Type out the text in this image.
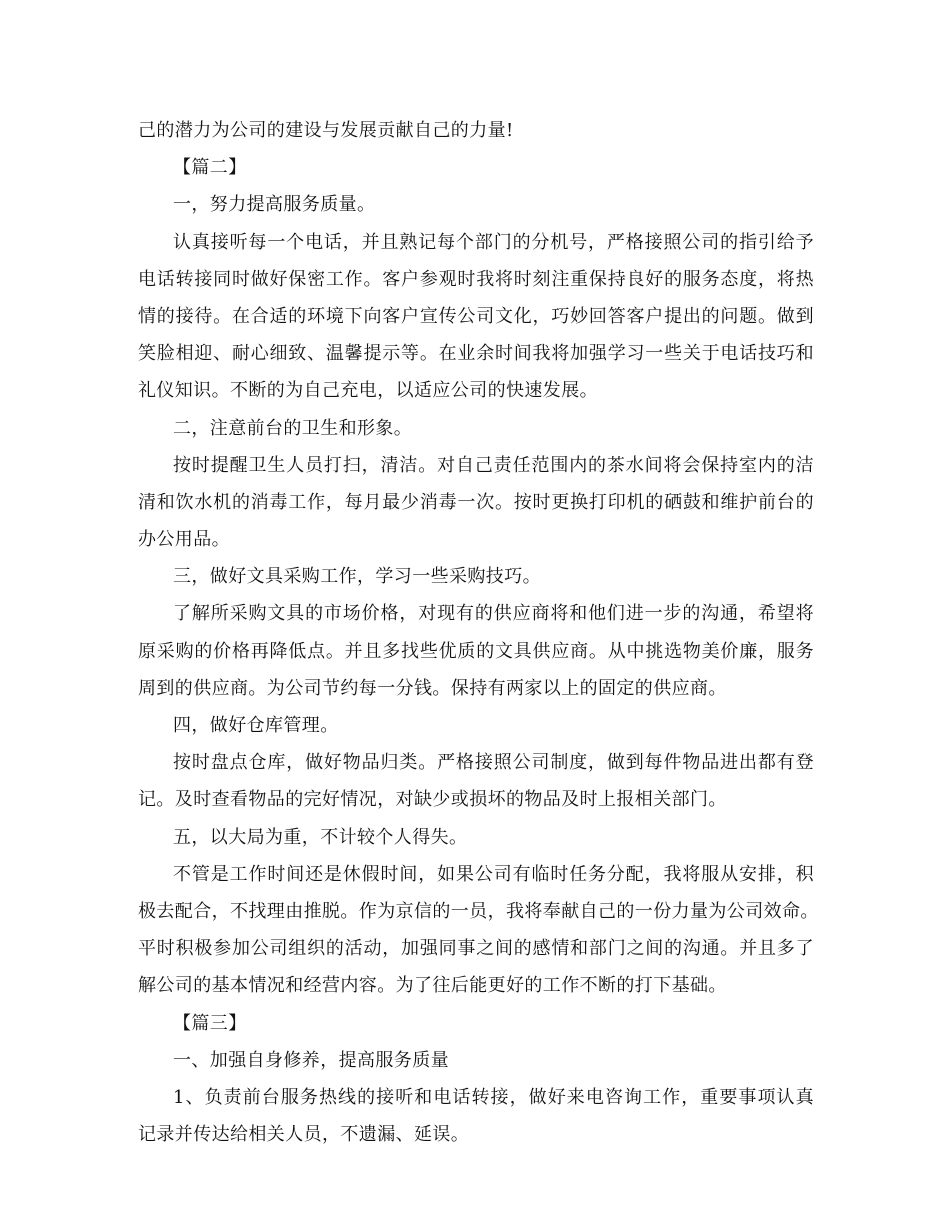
己的潜力为公司的建设与发展贡献自己的力量!
【篇二】
一，努力提高服务质量。
认真接听每一个电话，并且熟记每个部门的分机号，严格接照公司的指引给予
电话转接同时做好保密工作。客户参观时我将时刻注重保持良好的服务态度，将热
情的接待。在合适的环境下向客户宣传公司文化，巧妙回答客户提出的问题。做到
笑脸相迎、耐心细致、温馨提示等。在业余时间我将加强学习一些关于电话技巧和
礼仪知识。不断的为自己充电，以适应公司的快速发展。
二，注意前台的卫生和形象。
按时提醒卫生人员打扫，清洁。对自己责任范围内的茶水间将会保持室内的洁
清和饮水机的消毒工作，每月最少消毒一次。按时更换打印机的硒鼓和维护前台的
办公用品。
三，做好文具采购工作，学习一些采购技巧。
了解所采购文具的市场价格，对现有的供应商将和他们进一步的沟通，希望将
原采购的价格再降低点。并且多找些优质的文具供应商。从中挑选物美价廉，服务
周到的供应商。为公司节约每一分钱。保持有两家以上的固定的供应商。
四，做好仓库管理。
按时盘点仓库，做好物品归类。严格接照公司制度，做到每件物品进出都有登
记。及时查看物品的完好情况，对缺少或损坏的物品及时上报相关部门。
五，以大局为重，不计较个人得失。
不管是工作时间还是休假时间，如果公司有临时任务分配，我将服从安排，积
极去配合，不找理由推脱。作为京信的一员，我将奉献自己的一份力量为公司效命。
平时积极参加公司组织的活动，加强同事之间的感情和部门之间的沟通。并且多了
解公司的基本情况和经营内容。为了往后能更好的工作不断的打下基础。
【篇三】
一、加强自身修养，提高服务质量
1、负责前台服务热线的接听和电话转接，做好来电咨询工作，重要事项认真
记录并传达给相关人员，不遗漏、延误。
